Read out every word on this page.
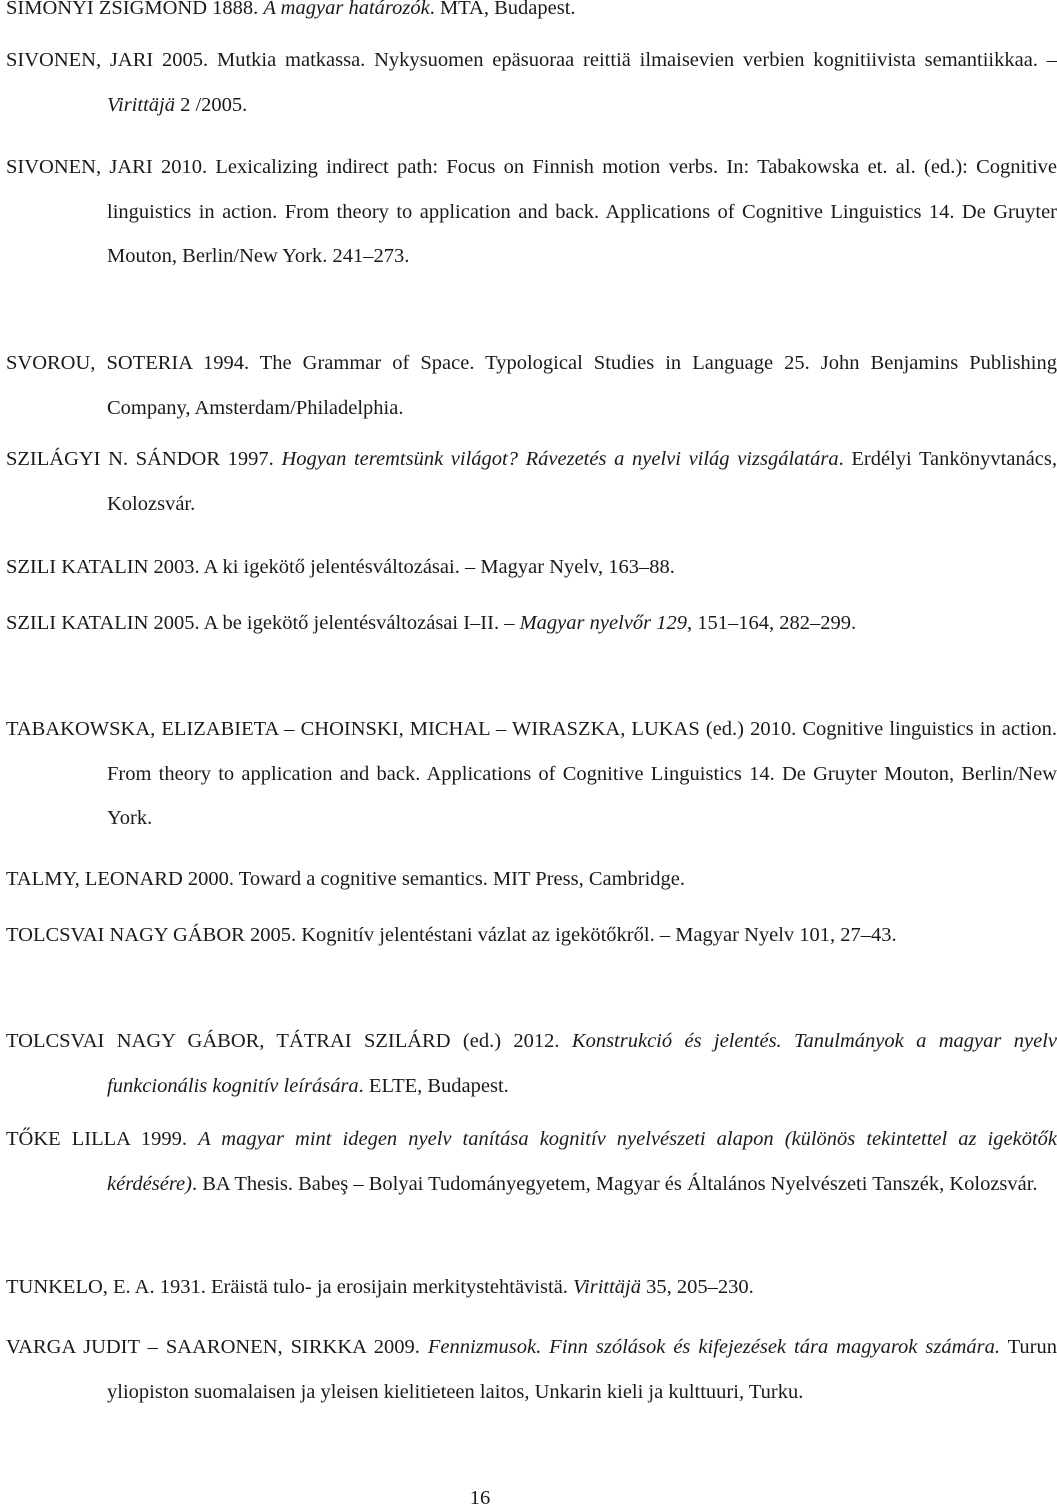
SIMONYI ZSIGMOND 1888. A magyar határozók. MTA, Budapest.

SIVONEN, JARI 2005. Mutkia matkassa. Nykysuomen epäsuoraa reittiä ilmaisevien verbien kognitiivista semantiikkaa. – Virittäjä 2 /2005.

SIVONEN, JARI 2010. Lexicalizing indirect path: Focus on Finnish motion verbs. In: Tabakowska et. al. (ed.): Cognitive linguistics in action. From theory to application and back. Applications of Cognitive Linguistics 14. De Gruyter Mouton, Berlin/New York. 241–273.

SVOROU, SOTERIA 1994. The Grammar of Space. Typological Studies in Language 25. John Benjamins Publishing Company, Amsterdam/Philadelphia.

SZILÁGYI N. SÁNDOR 1997. Hogyan teremtsünk világot? Rávezetés a nyelvi világ vizsgálatára. Erdélyi Tankönyvtanács, Kolozsvár.

SZILI KATALIN 2003. A ki igekötő jelentésváltozásai. – Magyar Nyelv, 163–88.

SZILI KATALIN 2005. A be igekötő jelentésváltozásai I–II. – Magyar nyelvőr 129, 151–164, 282–299.

TABAKOWSKA, ELIZABIETA – CHOINSKI, MICHAL – WIRASZKA, LUKAS (ed.) 2010. Cognitive linguistics in action. From theory to application and back. Applications of Cognitive Linguistics 14. De Gruyter Mouton, Berlin/New York.

TALMY, LEONARD 2000. Toward a cognitive semantics. MIT Press, Cambridge.

TOLCSVAI NAGY GÁBOR 2005. Kognitív jelentéstani vázlat az igekötőkről. – Magyar Nyelv 101, 27–43.

TOLCSVAI NAGY GÁBOR, TÁTRAI SZILÁRD (ed.) 2012. Konstrukció és jelentés. Tanulmányok a magyar nyelv funkcionális kognitív leírására. ELTE, Budapest.

TŐKE LILLA 1999. A magyar mint idegen nyelv tanítása kognitív nyelvészeti alapon (különös tekintettel az igekötők kérdésére). BA Thesis. Babeş – Bolyai Tudományegyetem, Magyar és Általános Nyelvészeti Tanszék, Kolozsvár.

TUNKELO, E. A. 1931. Eräistä tulo- ja erosijain merkitystehtävistä. Virittäjä 35, 205–230.

VARGA JUDIT – SAARONEN, SIRKKA 2009. Fennizmusok. Finn szólások és kifejezések tára magyarok számára. Turun yliopiston suomalaisen ja yleisen kielitieteen laitos, Unkarin kieli ja kulttuuri, Turku.

16
